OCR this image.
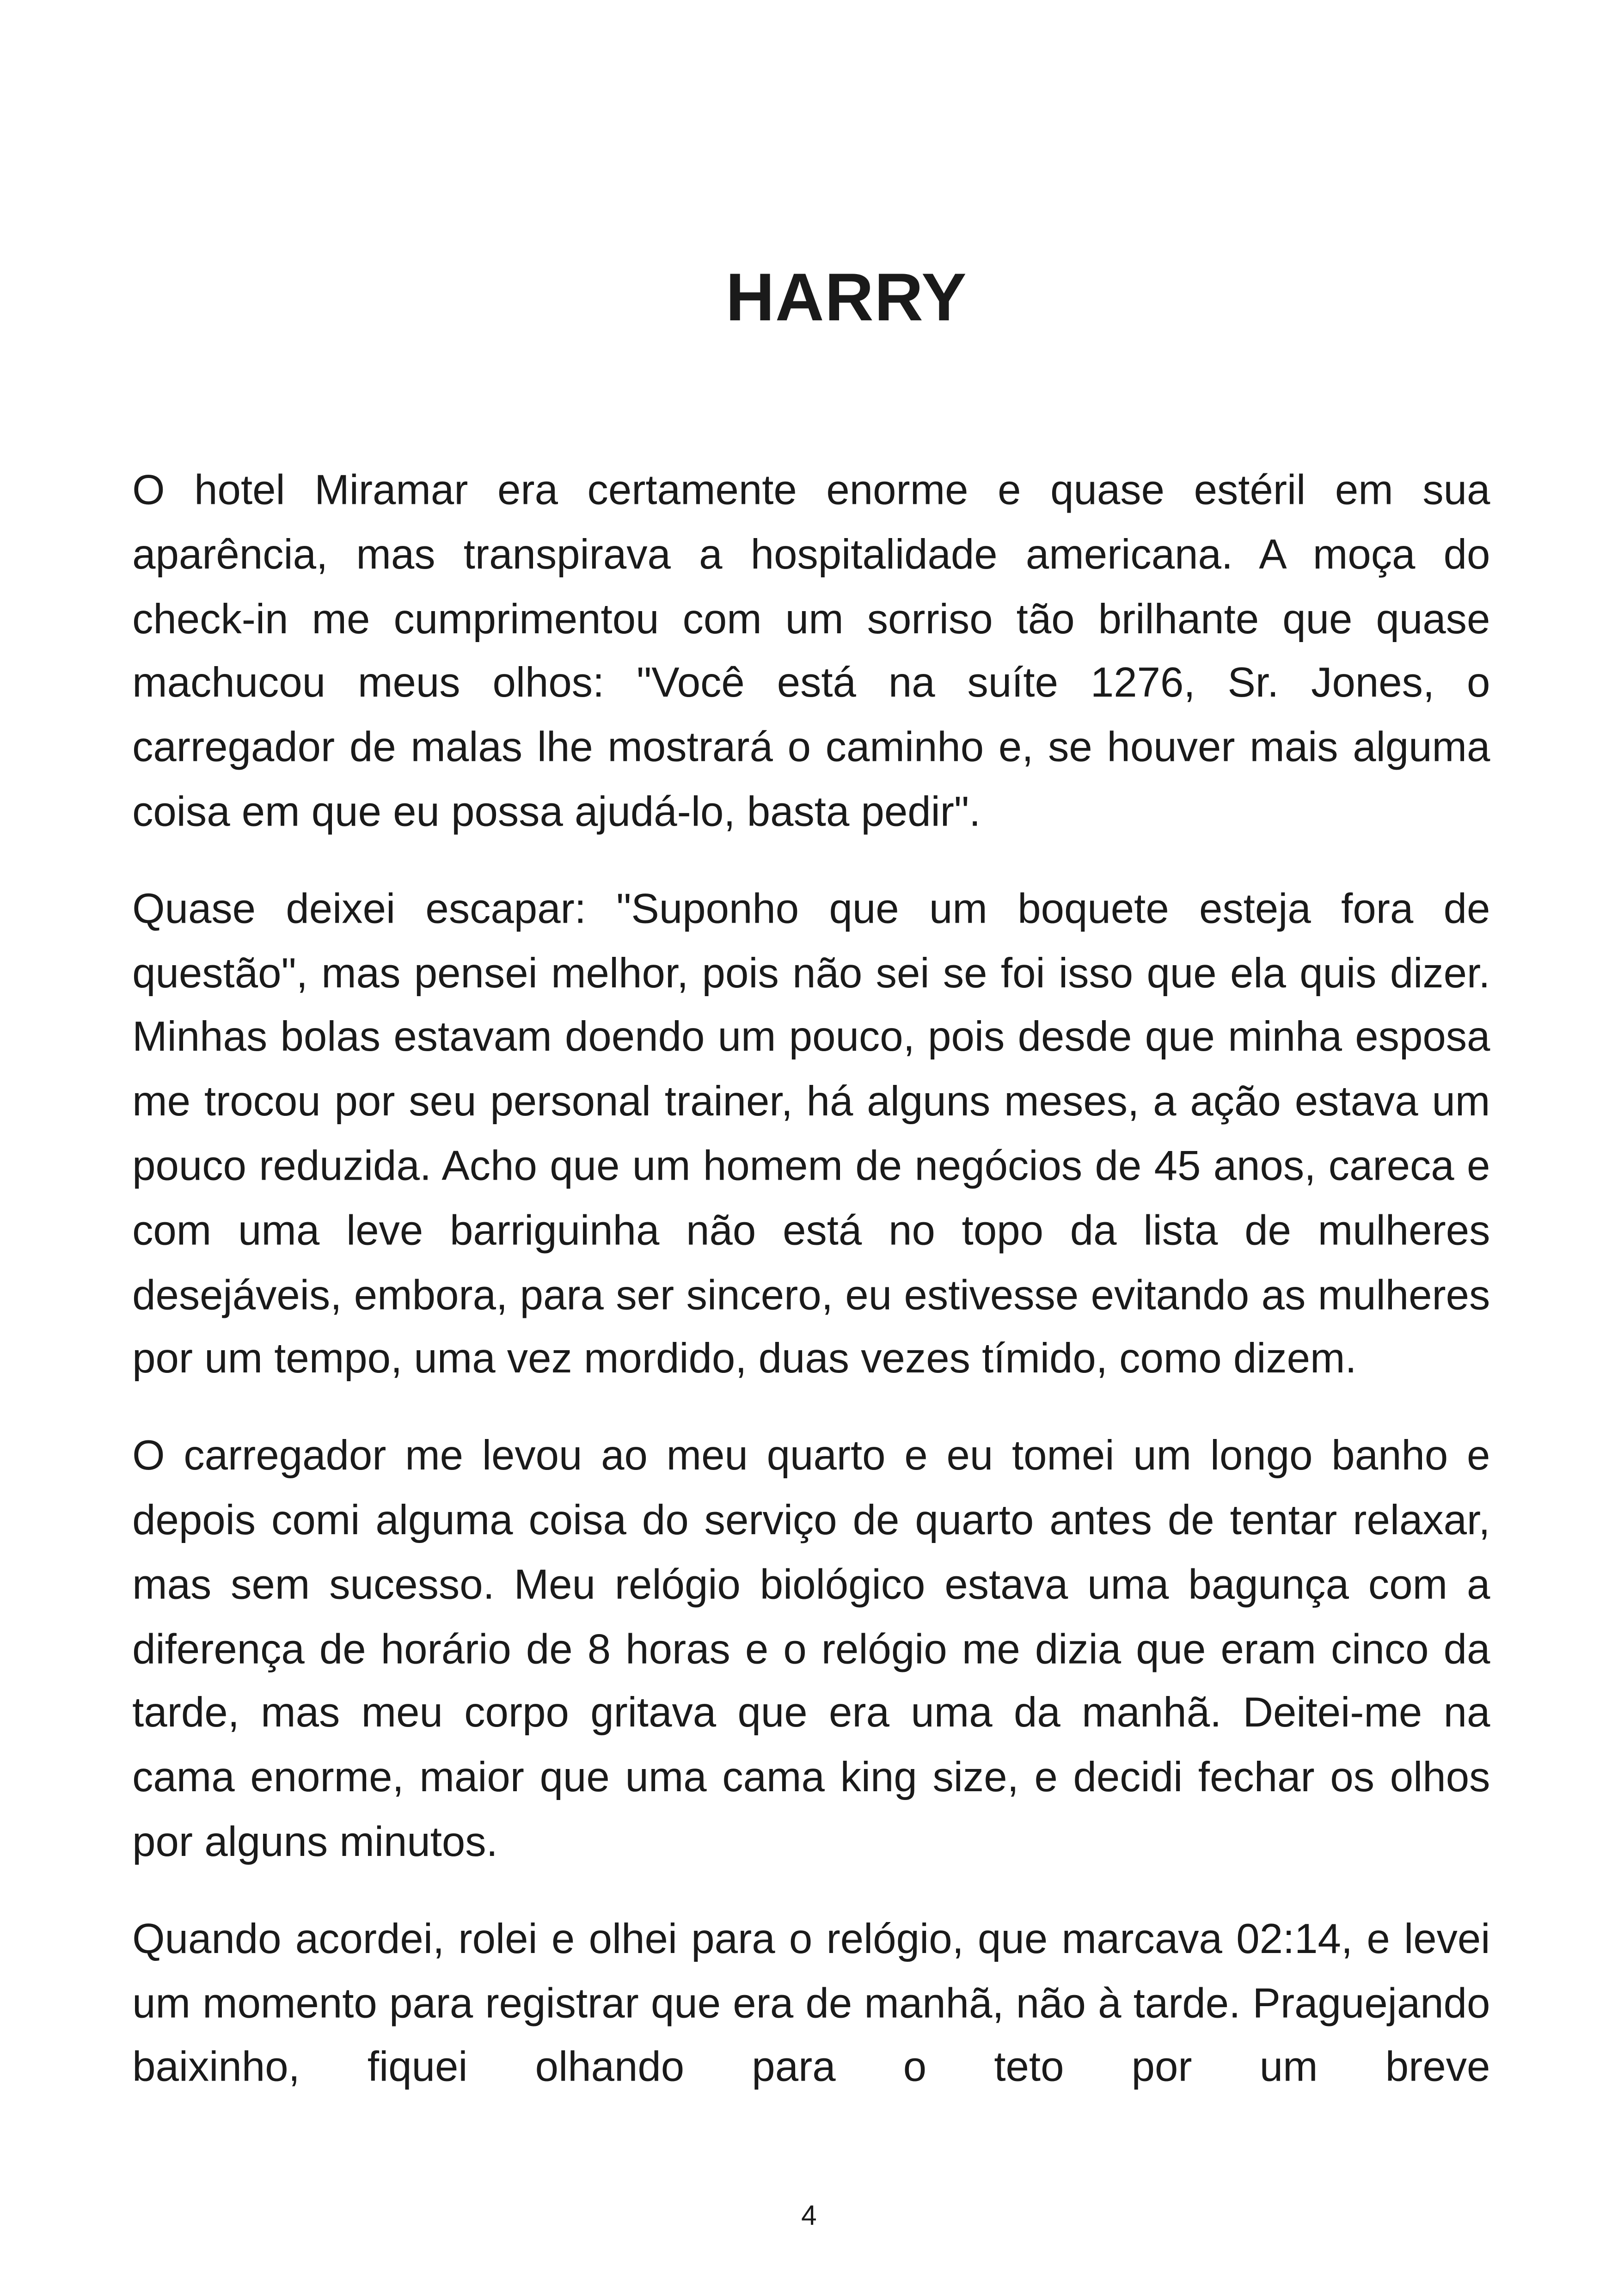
HARRY

O hotel Miramar era certamente enorme e quase estéril em sua aparência, mas transpirava a hospitalidade americana. A moça do check-in me cumprimentou com um sorriso tão brilhante que quase machucou meus olhos: "Você está na suíte 1276, Sr. Jones, o carregador de malas lhe mostrará o caminho e, se houver mais alguma coisa em que eu possa ajudá-lo, basta pedir".

Quase deixei escapar: "Suponho que um boquete esteja fora de questão", mas pensei melhor, pois não sei se foi isso que ela quis dizer. Minhas bolas estavam doendo um pouco, pois desde que minha esposa me trocou por seu personal trainer, há alguns meses, a ação estava um pouco reduzida. Acho que um homem de negócios de 45 anos, careca e com uma leve barriguinha não está no topo da lista de mulheres desejáveis, embora, para ser sincero, eu estivesse evitando as mulheres por um tempo, uma vez mordido, duas vezes tímido, como dizem.

O carregador me levou ao meu quarto e eu tomei um longo banho e depois comi alguma coisa do serviço de quarto antes de tentar relaxar, mas sem sucesso. Meu relógio biológico estava uma bagunça com a diferença de horário de 8 horas e o relógio me dizia que eram cinco da tarde, mas meu corpo gritava que era uma da manhã. Deitei-me na cama enorme, maior que uma cama king size, e decidi fechar os olhos por alguns minutos.

Quando acordei, rolei e olhei para o relógio, que marcava 02:14, e levei um momento para registrar que era de manhã, não à tarde. Praguejando baixinho, fiquei olhando para o teto por um breve

4
